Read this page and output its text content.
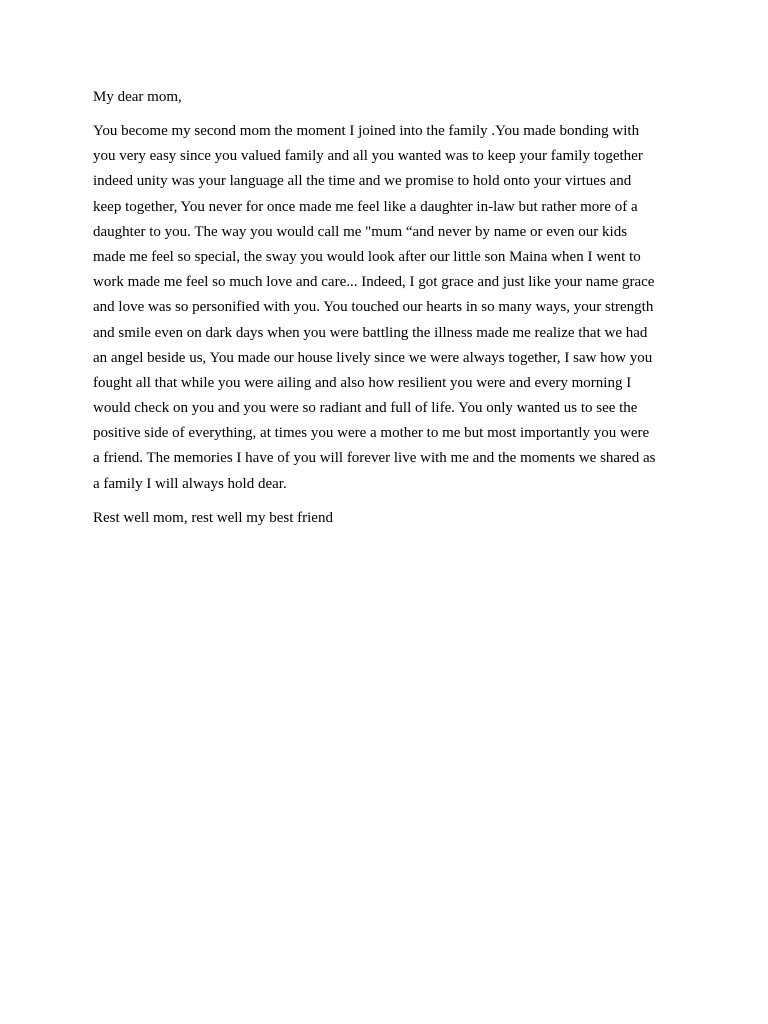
My dear mom,

You become my second mom the moment I joined into the family .You made bonding with
you very easy since you valued family and all you wanted was to keep your family together
indeed unity was your language all the time and we promise to hold onto your virtues and
keep together, You never for once made me feel like a daughter in-law but rather more of a
daughter to you. The way you would call me "mum “and never by name or even our kids
made me feel so special, the sway you would look after our little son Maina when I went to
work made me feel so much love and care... Indeed, I got grace and just like your name grace
and love was so personified with you. You touched our hearts in so many ways, your strength
and smile even on dark days when you were battling the illness made me realize that we had
an angel beside us, You made our house lively since we were always together, I saw how you
fought all that while you were ailing and also how resilient you were and every morning I
would check on you and you were so radiant and full of life. You only wanted us to see the
positive side of everything, at times you were a mother to me but most importantly you were
a friend. The memories I have of you will forever live with me and the moments we shared as
a family I will always hold dear.

Rest well mom, rest well my best friend
